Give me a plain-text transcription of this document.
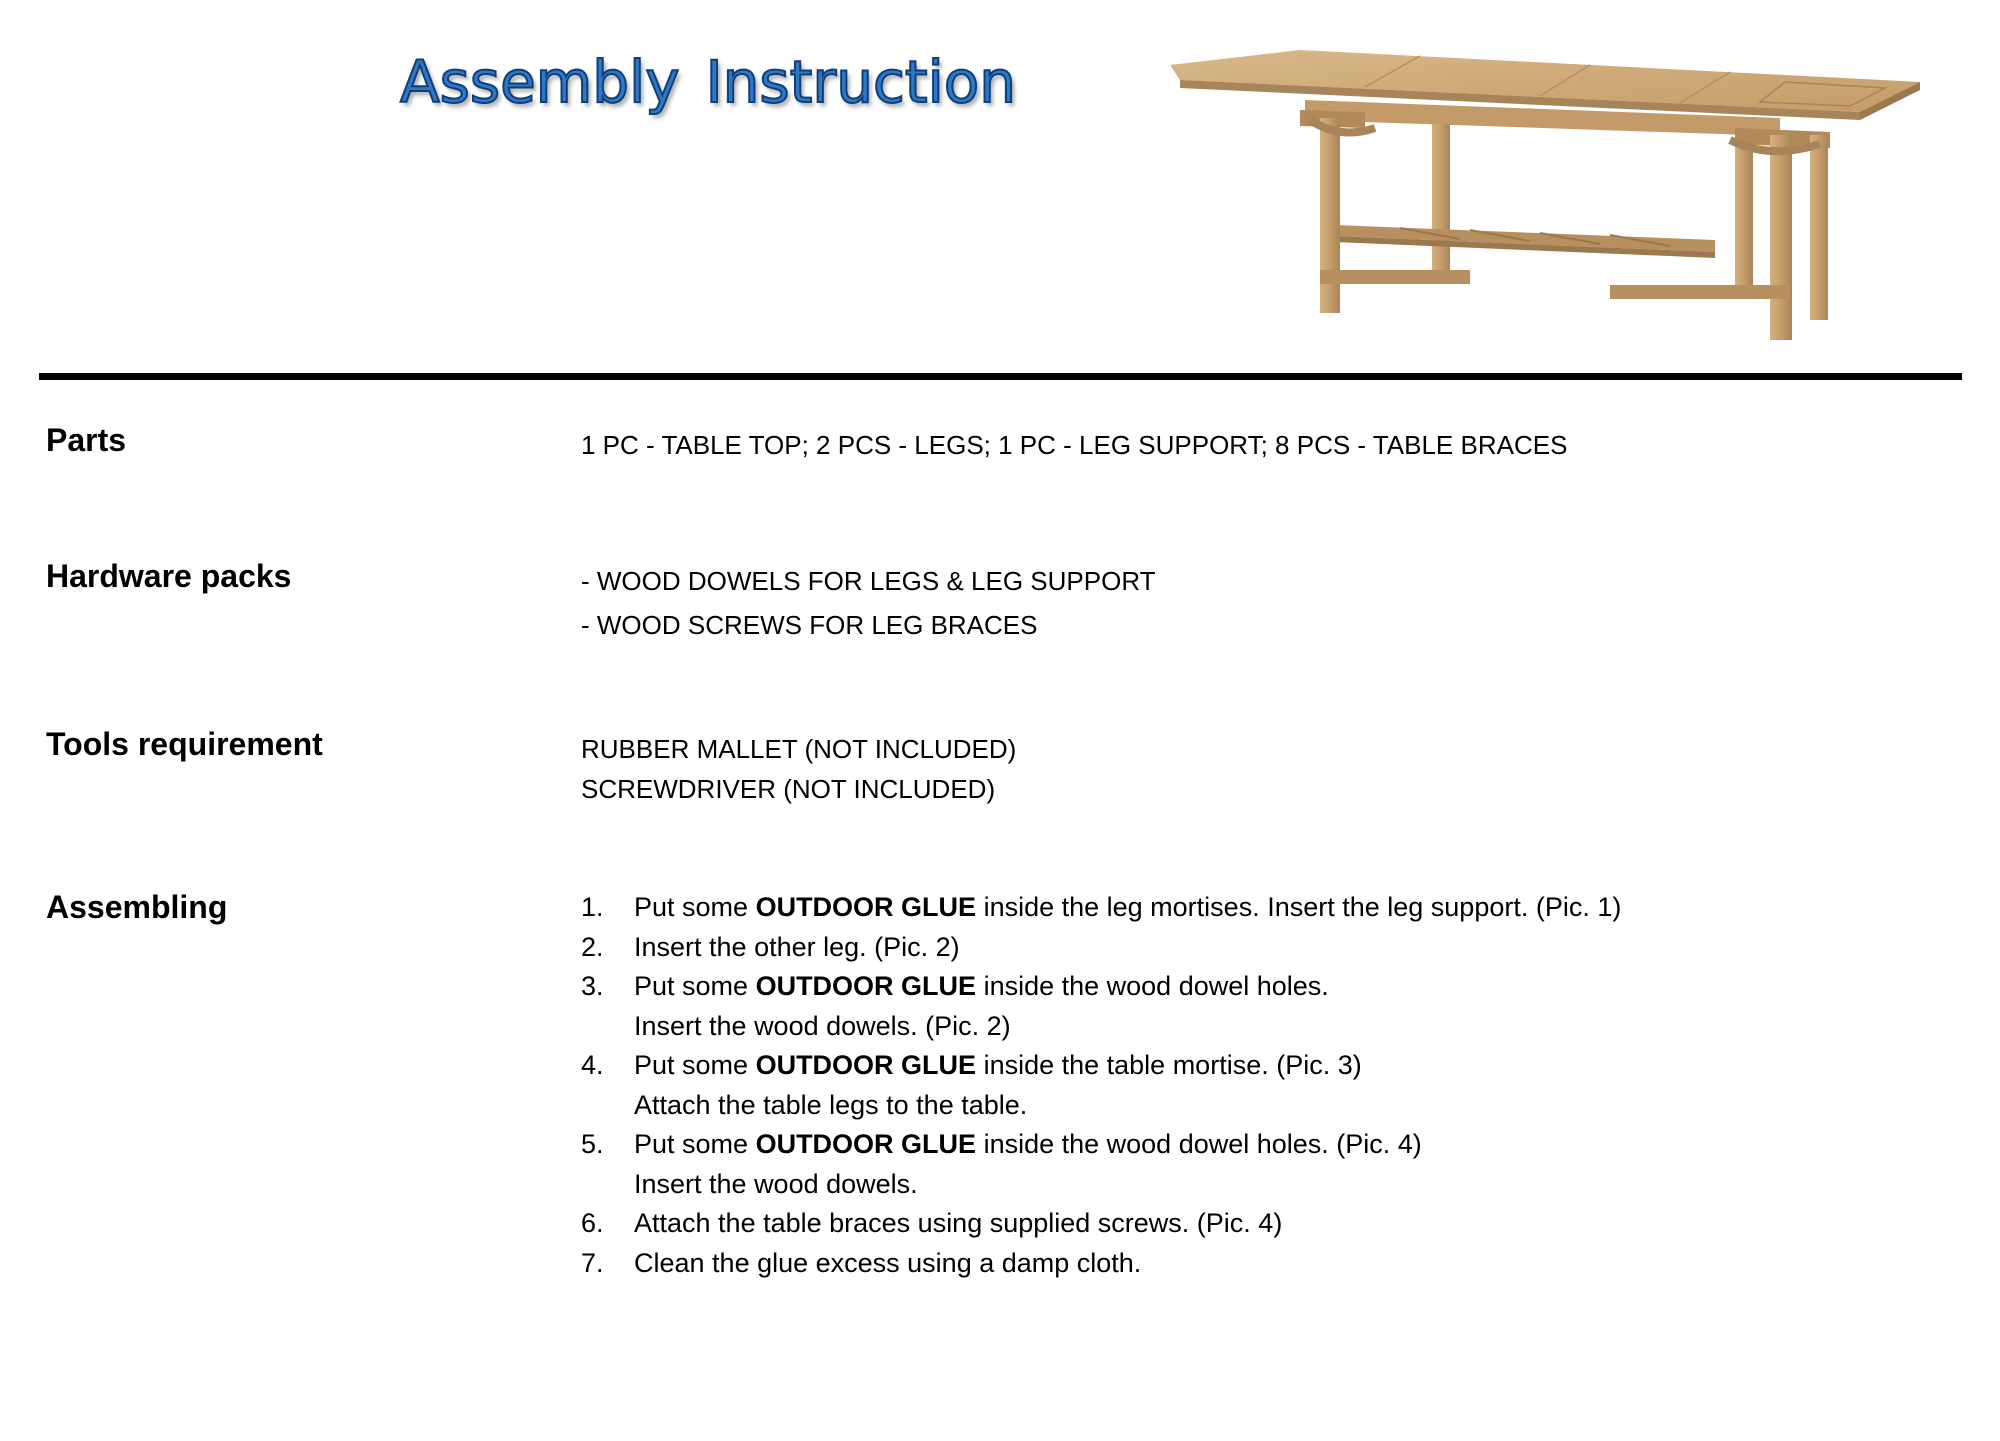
Assembly Instruction
Parts	1 PC - TABLE TOP; 2 PCS - LEGS; 1 PC - LEG SUPPORT; 8 PCS - TABLE BRACES
Hardware packs	- WOOD DOWELS FOR LEGS & LEG SUPPORT
- WOOD SCREWS FOR LEG BRACES
Tools requirement	RUBBER MALLET (NOT INCLUDED)
SCREWDRIVER (NOT INCLUDED)
Assembling	1. Put some OUTDOOR GLUE inside the leg mortises. Insert the leg support. (Pic. 1)
2. Insert the other leg. (Pic. 2)
3. Put some OUTDOOR GLUE inside the wood dowel holes.
Insert the wood dowels. (Pic. 2)
4. Put some OUTDOOR GLUE inside the table mortise. (Pic. 3)
Attach the table legs to the table.
5. Put some OUTDOOR GLUE inside the wood dowel holes. (Pic. 4)
Insert the wood dowels.
6. Attach the table braces using supplied screws. (Pic. 4)
7. Clean the glue excess using a damp cloth.
